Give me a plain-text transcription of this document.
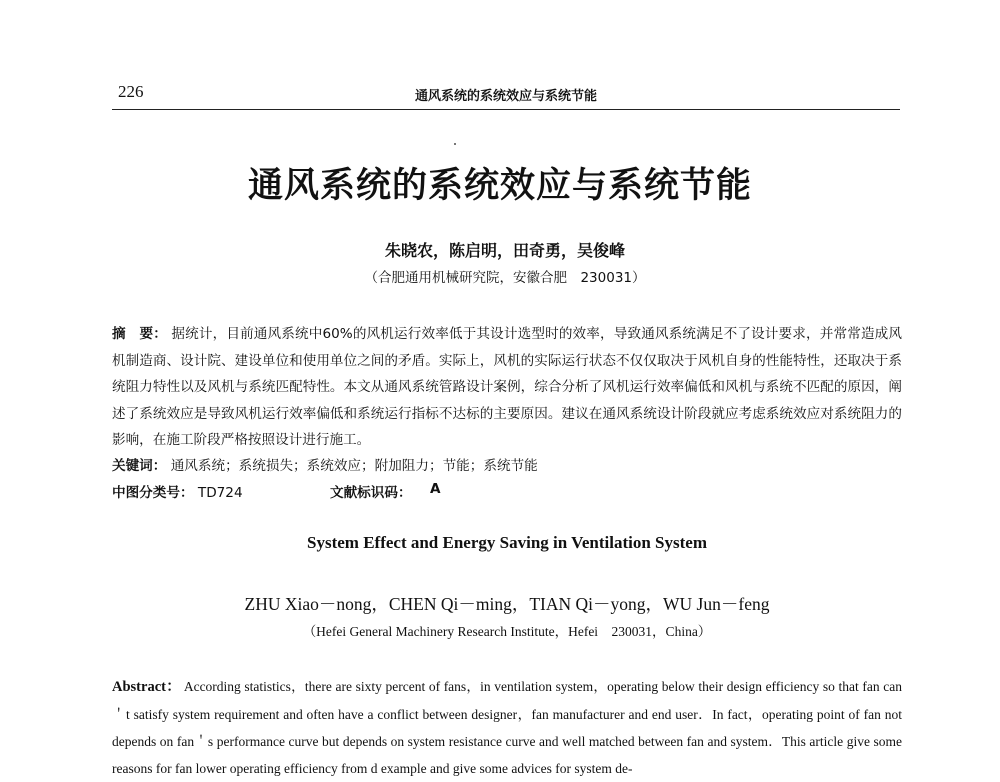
226	通风系统的系统效应与系统节能
通风系统的系统效应与系统节能
朱晓农，陈启明，田奇勇，吴俊峰
（合肥通用机械研究院，安徽合肥　230031）
摘　要： 据统计，目前通风系统中60%的风机运行效率低于其设计选型时的效率，导致通风系统满足不了设计要求，并常常造成风机制造商、设计院、建设单位和使用单位之间的矛盾。实际上，风机的实际运行状态不仅仅取决于风机自身的性能特性，还取决于系统阻力特性以及风机与系统匹配特性。本文从通风系统管路设计案例，综合分析了风机运行效率偏低和风机与系统不匹配的原因，阐述了系统效应是导致风机运行效率偏低和系统运行指标不达标的主要原因。建议在通风系统设计阶段就应考虑系统效应对系统阻力的影响，在施工阶段严格按照设计进行施工。
关键词： 通风系统；系统损失；系统效应；附加阻力；节能；系统节能
中图分类号： TD724	文献标识码： A
System Effect and Energy Saving in Ventilation System
ZHU Xiao－nong，CHEN Qi－ming，TIAN Qi－yong，WU Jun－feng
（Hefei General Machinery Research Institute，Hefei　230031，China）
Abstract： According statistics，there are sixty percent of fans，in ventilation system，operating below their design efficiency so that fan can＇t satisfy system requirement and often have a conflict between designer，fan manufacturer and end user．In fact，operating point of fan not depends on fan＇s performance curve but depends on system resistance curve and well matched between fan and system．This article give some reasons for fan lower operating efficiency from d example and give some advices for system de-
